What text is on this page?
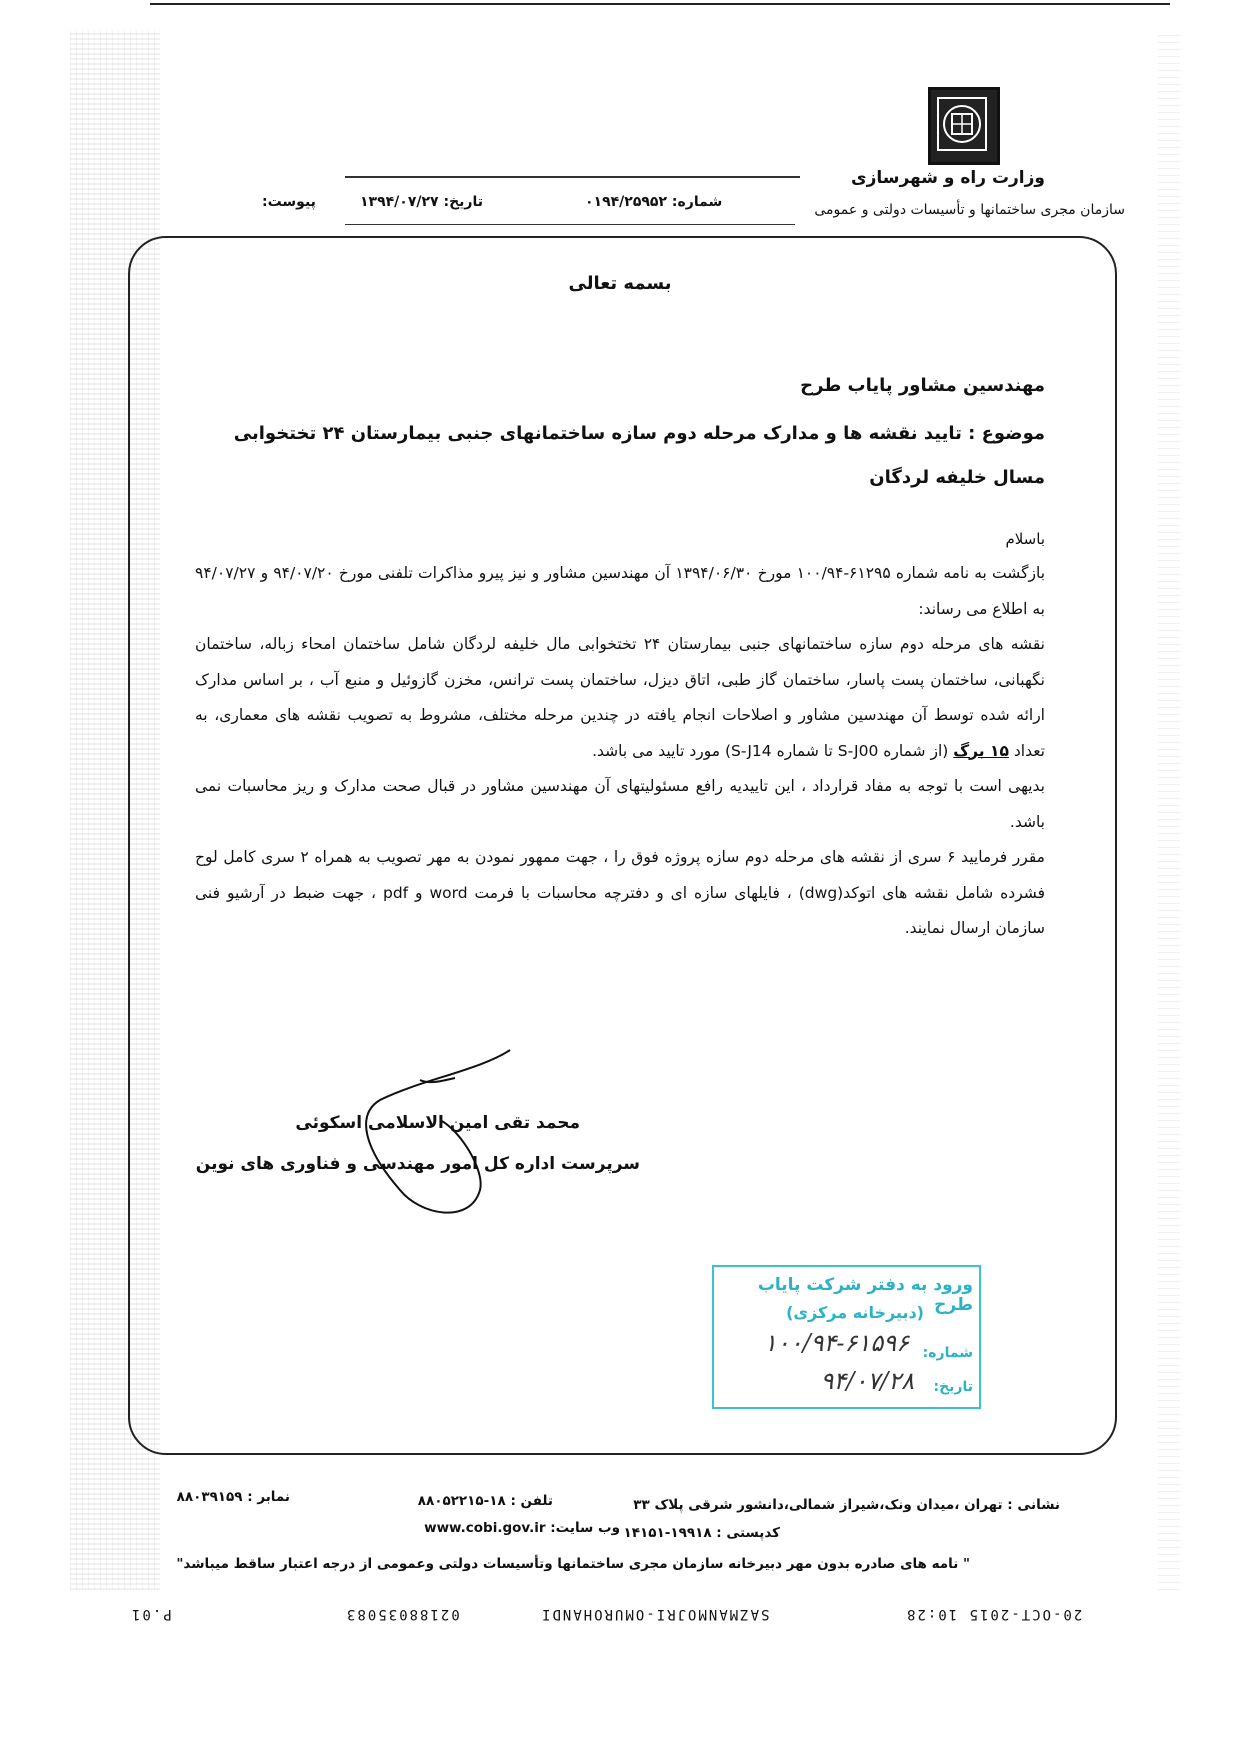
وزارت راه و شهرسازی
سازمان مجری ساختمانها و تأسیسات دولتی و عمومی
پیوست:	تاریخ: ۱۳۹۴/۰۷/۲۷	شماره: ۰۱۹۴/۲۵۹۵۲
بسمه تعالی
مهندسین مشاور پایاب طرح
موضوع : تایید نقشه ها و مدارک مرحله دوم سازه ساختمانهای جنبی بیمارستان ۲۴ تختخوابی مسال خلیفه لردگان
باسلام

بازگشت به نامه شماره ۶۱۲۹۵-۱۰۰/۹۴ مورخ ۱۳۹۴/۰۶/۳۰ آن مهندسین مشاور و نیز پیرو مذاکرات تلفنی مورخ ۹۴/۰۷/۲۰ و ۹۴/۰۷/۲۷ به اطلاع می رساند:

نقشه های مرحله دوم سازه ساختمانهای جنبی بیمارستان ۲۴ تختخوابی مال خلیفه لردگان شامل ساختمان امحاء زباله، ساختمان نگهبانی، ساختمان پست پاسار، ساختمان گاز طبی، اتاق دیزل، ساختمان پست ترانس، مخزن گازوئیل و منبع آب ، بر اساس مدارک ارائه شده توسط آن مهندسین مشاور و اصلاحات انجام یافته در چندین مرحله مختلف، مشروط به تصویب نقشه های معماری، به تعداد ۱۵ برگ (از شماره S-J00 تا شماره S-J14) مورد تایید می باشد.

بدیهی است با توجه به مفاد قرارداد ، این تاییدیه رافع مسئولیتهای آن مهندسین مشاور در قبال صحت مدارک و ریز محاسبات نمی باشد.

مقرر فرمایید ۶ سری از نقشه های مرحله دوم سازه پروژه فوق را ، جهت ممهور نمودن به مهر تصویب به همراه ۲ سری کامل لوح فشرده شامل نقشه های اتوکد(dwg) ، فایلهای سازه ای و دفترچه محاسبات با فرمت word و pdf ، جهت ضبط در آرشیو فنی سازمان ارسال نمایند.

محمد تقی امین الاسلامی اسکوئی
سرپرست اداره کل امور مهندسی و فناوری های نوین
ورود به دفتر شرکت پایاب طرح
(دبیرخانه مرکزی)
شماره:
۱۰۰/۹۴-۶۱۵۹۶
تاریخ:
۹۴/۰۷/۲۸
نشانی : تهران ،میدان ونک،شیراز شمالی،دانشور شرقی پلاک ۳۳
تلفن : ۱۸-۸۸۰۵۲۲۱۵
نمابر : ۸۸۰۳۹۱۵۹
کدپستی : ۱۹۹۱۸-۱۴۱۵۱
وب سایت: www.cobi.gov.ir
" نامه های صادره بدون مهر دبیرخانه سازمان مجری ساختمانها وتأسیسات دولتی وعمومی از درجه اعتبار ساقط میباشد"
20-OCT-2015 10:28
SAZMANMOJRI-OMUROHANDI
02188035083
P.01
